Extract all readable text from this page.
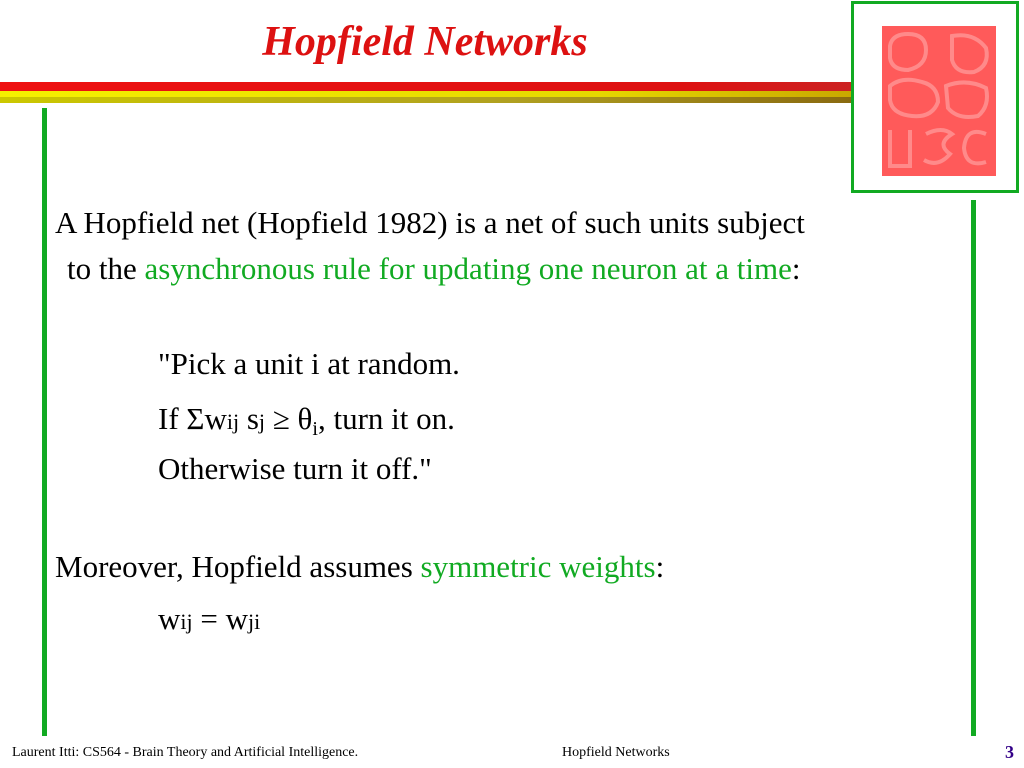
Hopfield Networks
A Hopfield net (Hopfield 1982) is a net of such units subject
to the asynchronous rule for updating one neuron at a time:
"Pick a unit i at random.
If Σwij sj ≥ θi, turn it on.
Otherwise turn it off."
Moreover, Hopfield assumes symmetric weights:
wij = wji
Laurent Itti: CS564 - Brain Theory and Artificial Intelligence.	Hopfield Networks	3
